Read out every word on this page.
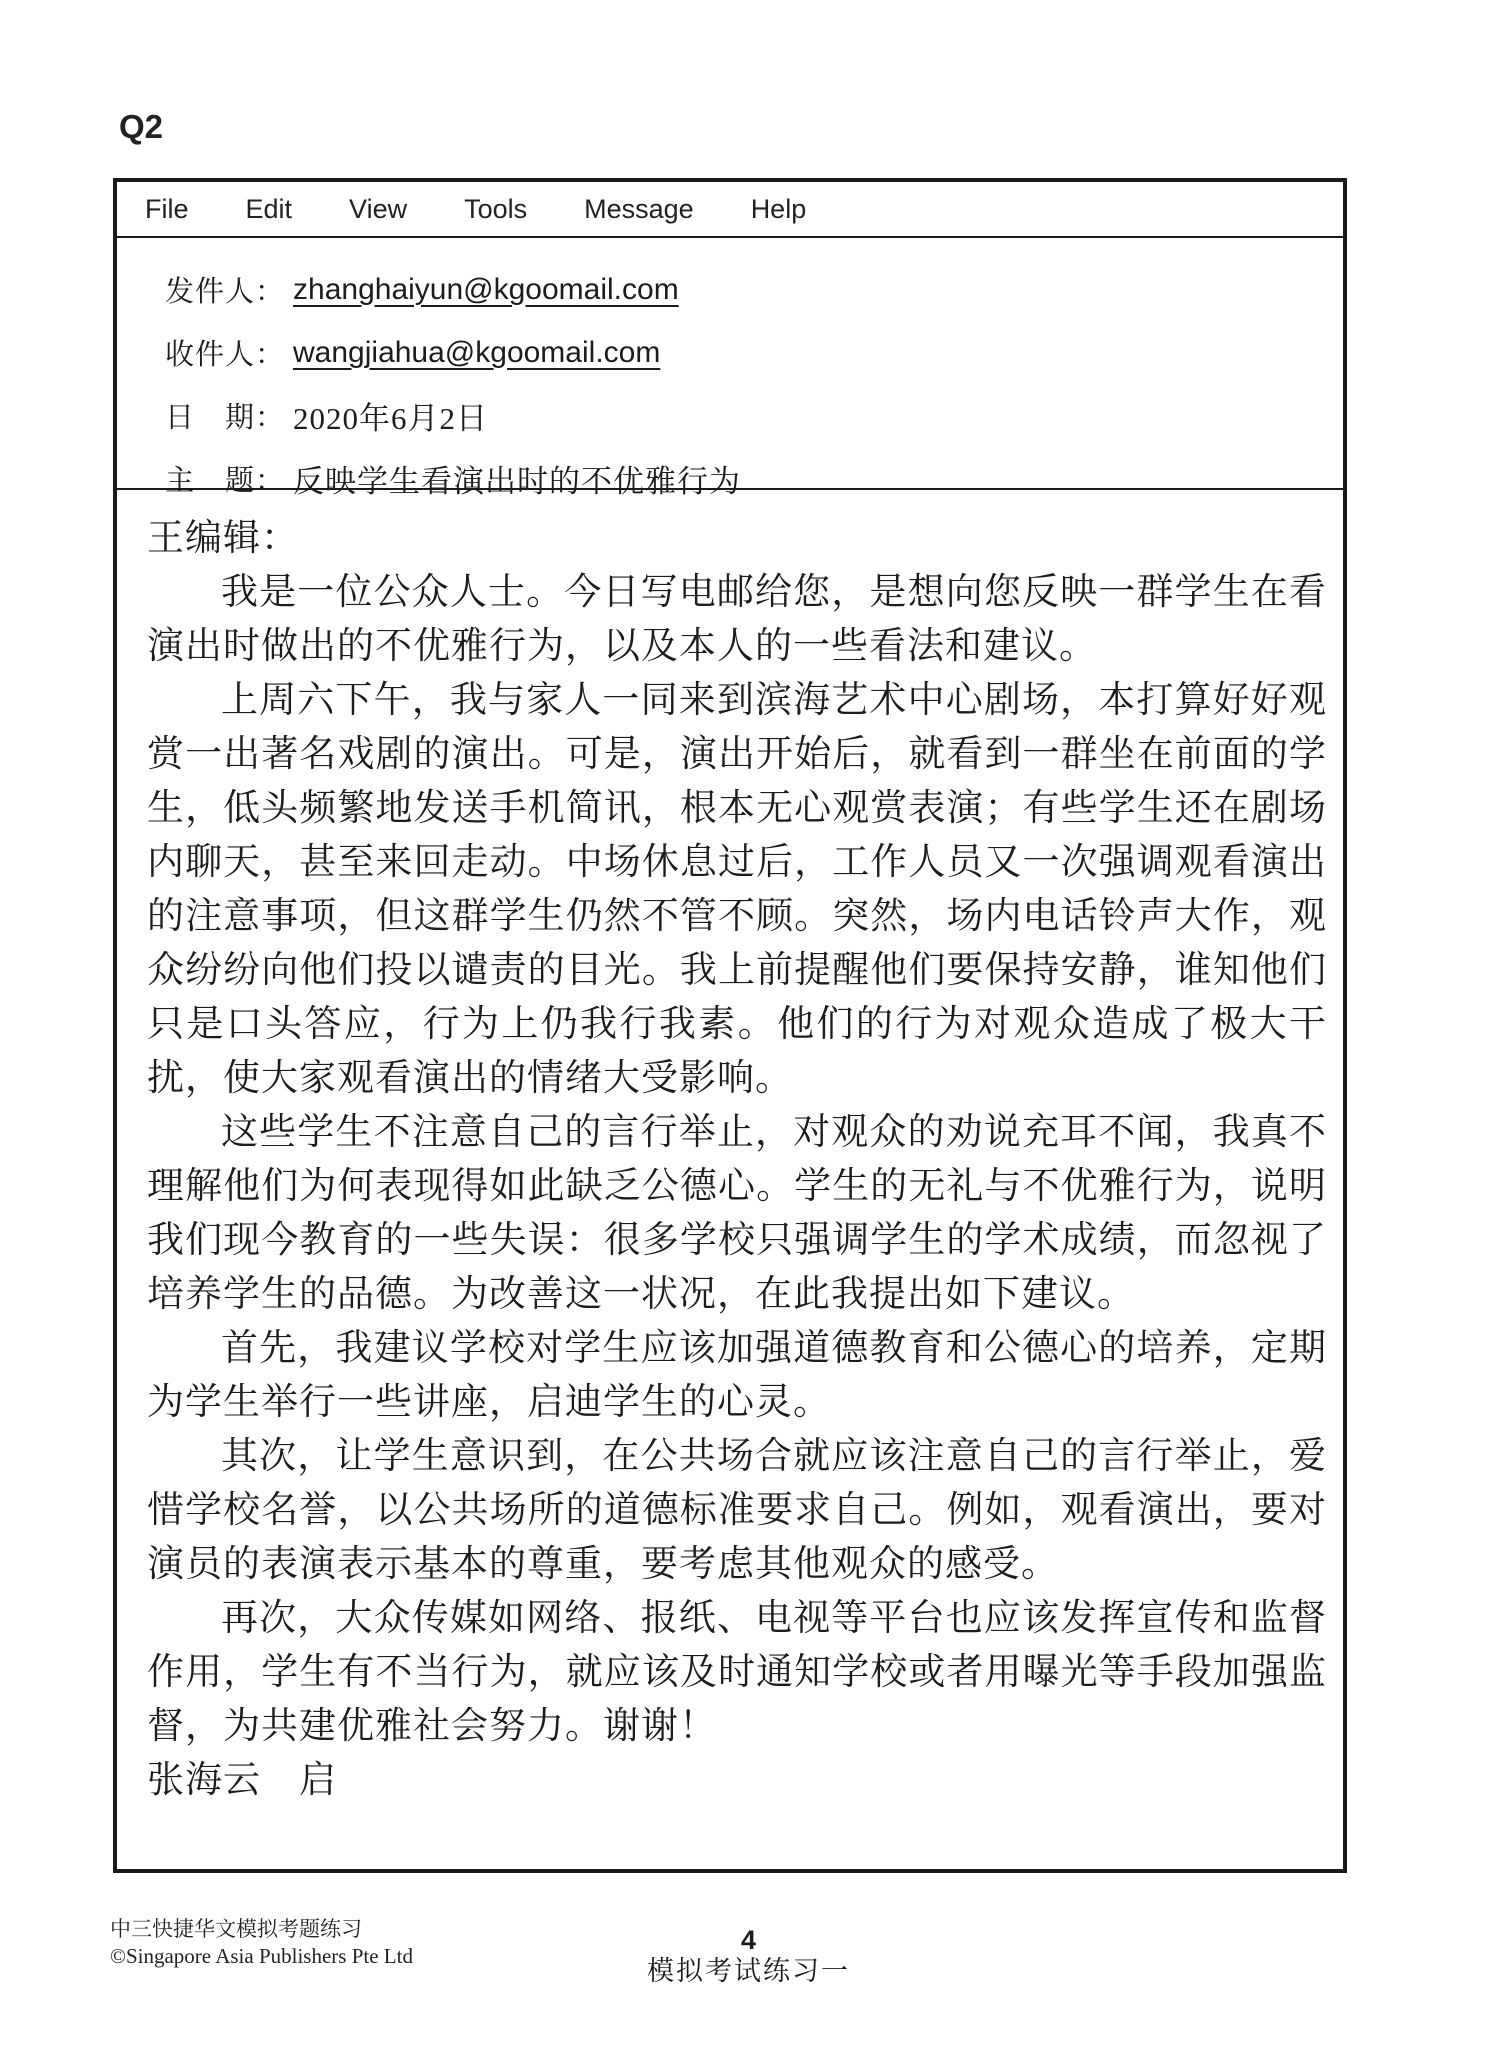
Q2
File Edit View Tools Message Help
发件人： zhanghaiyun@kgoomail.com
收件人： wangjiahua@kgoomail.com
日　期： 2020年6月2日
主　题： 反映学生看演出时的不优雅行为

王编辑：

我是一位公众人士。今日写电邮给您，是想向您反映一群学生在看演出时做出的不优雅行为，以及本人的一些看法和建议。

上周六下午，我与家人一同来到滨海艺术中心剧场，本打算好好观赏一出著名戏剧的演出。可是，演出开始后，就看到一群坐在前面的学生，低头频繁地发送手机简讯，根本无心观赏表演；有些学生还在剧场内聊天，甚至来回走动。中场休息过后，工作人员又一次强调观看演出的注意事项，但这群学生仍然不管不顾。突然，场内电话铃声大作，观众纷纷向他们投以谴责的目光。我上前提醒他们要保持安静，谁知他们只是口头答应，行为上仍我行我素。他们的行为对观众造成了极大干扰，使大家观看演出的情绪大受影响。

这些学生不注意自己的言行举止，对观众的劝说充耳不闻，我真不理解他们为何表现得如此缺乏公德心。学生的无礼与不优雅行为，说明我们现今教育的一些失误：很多学校只强调学生的学术成绩，而忽视了培养学生的品德。为改善这一状况，在此我提出如下建议。

首先，我建议学校对学生应该加强道德教育和公德心的培养，定期为学生举行一些讲座，启迪学生的心灵。

其次，让学生意识到，在公共场合就应该注意自己的言行举止，爱惜学校名誉，以公共场所的道德标准要求自己。例如，观看演出，要对演员的表演表示基本的尊重，要考虑其他观众的感受。

再次，大众传媒如网络、报纸、电视等平台也应该发挥宣传和监督作用，学生有不当行为，就应该及时通知学校或者用曝光等手段加强监督，为共建优雅社会努力。谢谢！

张海云　启

中三快捷华文模拟考题练习
©Singapore Asia Publishers Pte Ltd
4
模拟考试练习一
